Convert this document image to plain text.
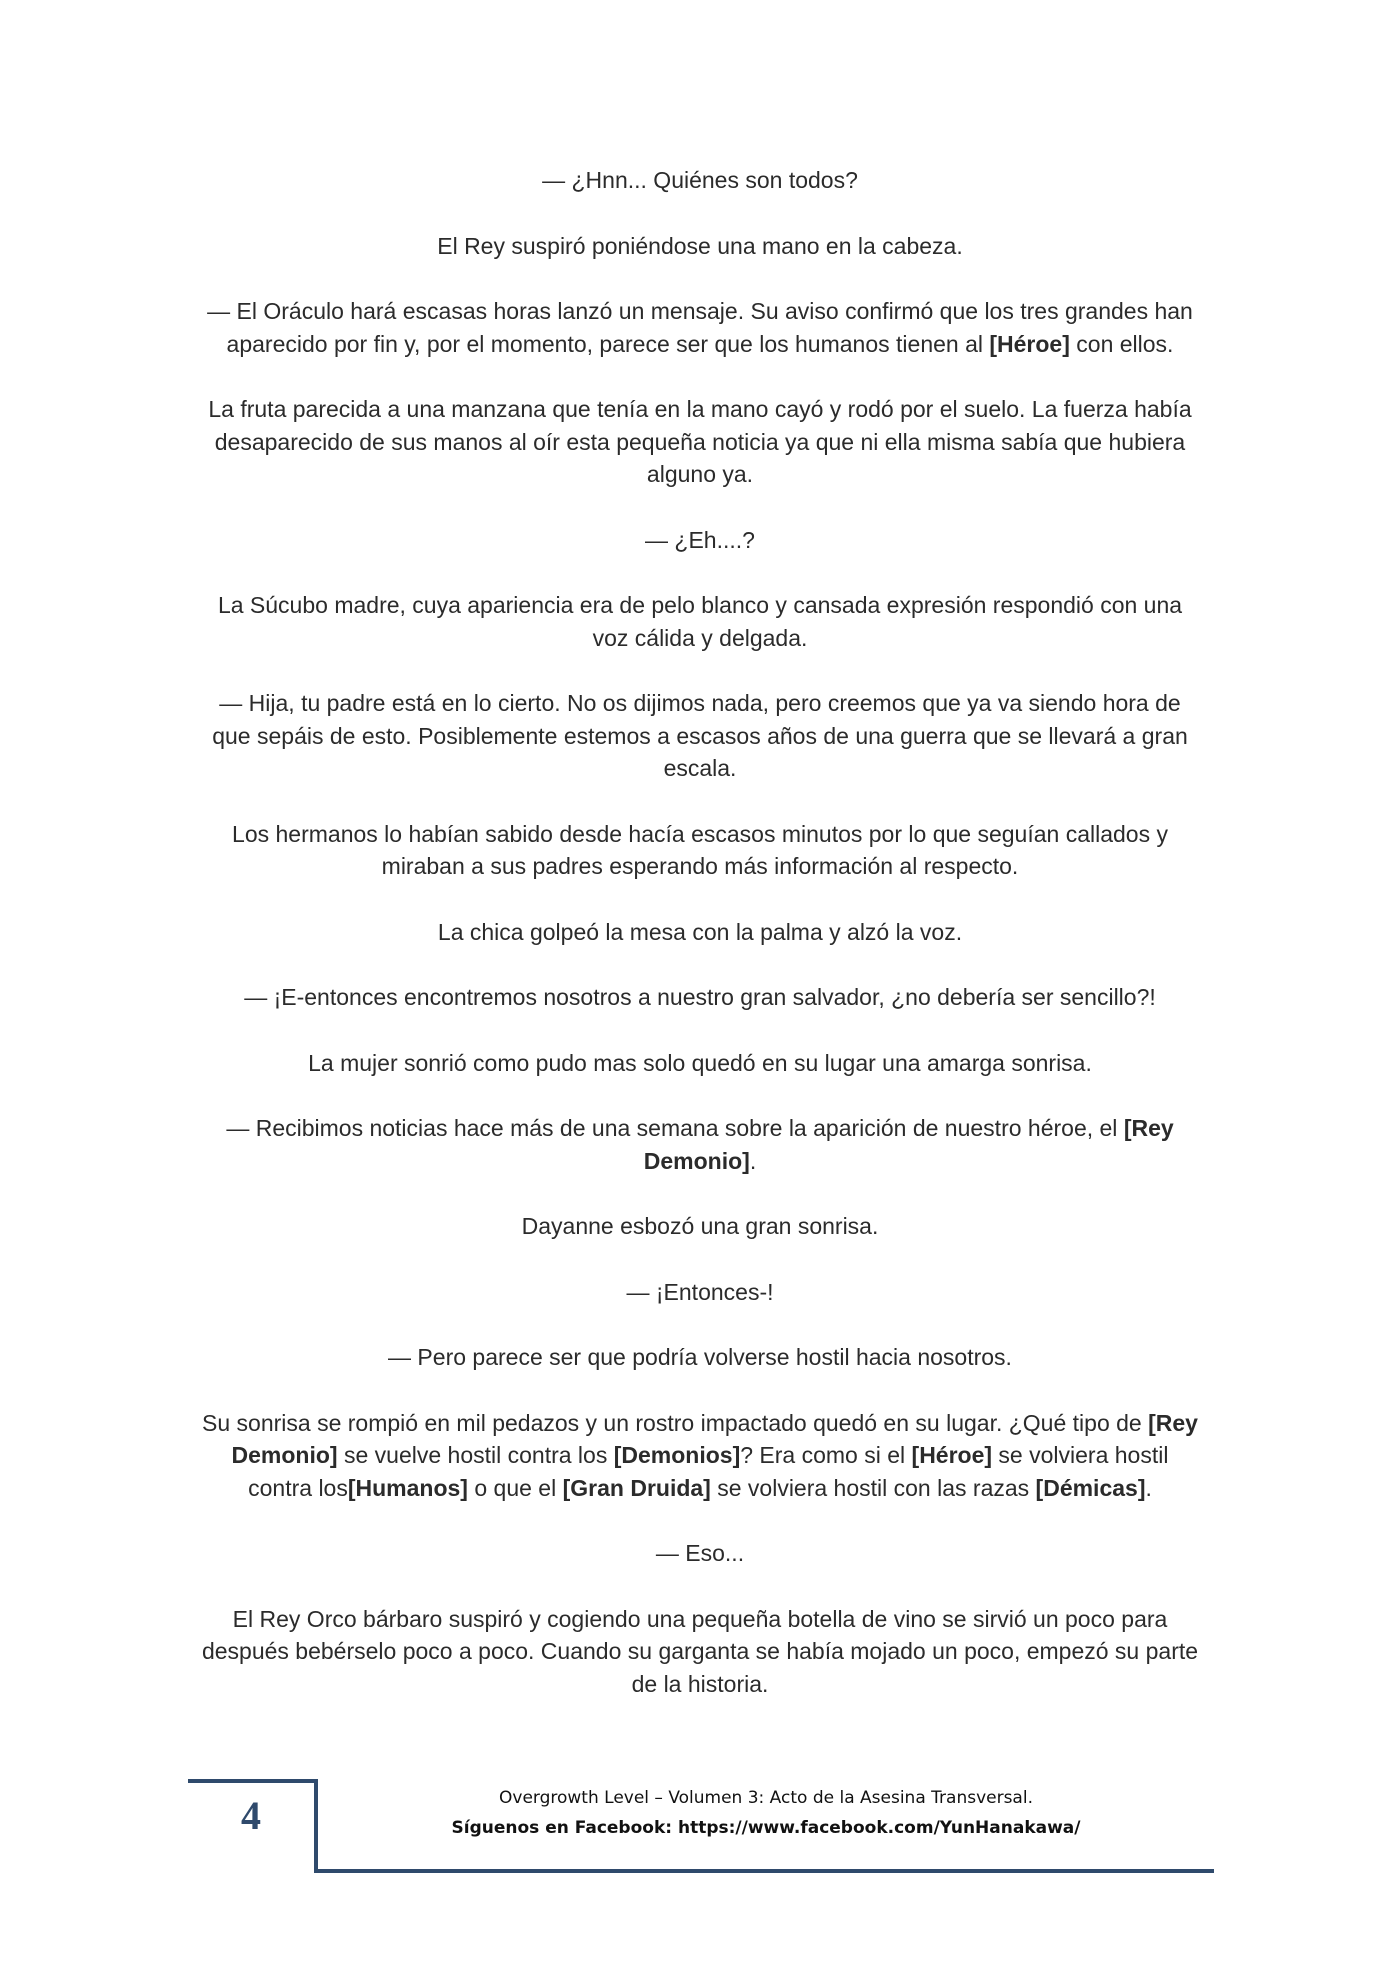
— ¿Hnn... Quiénes son todos?

El Rey suspiró poniéndose una mano en la cabeza.

— El Oráculo hará escasas horas lanzó un mensaje. Su aviso confirmó que los tres grandes han aparecido por fin y, por el momento, parece ser que los humanos tienen al [Héroe] con ellos.

La fruta parecida a una manzana que tenía en la mano cayó y rodó por el suelo. La fuerza había desaparecido de sus manos al oír esta pequeña noticia ya que ni ella misma sabía que hubiera alguno ya.

— ¿Eh....?

La Súcubo madre, cuya apariencia era de pelo blanco y cansada expresión respondió con una voz cálida y delgada.

— Hija, tu padre está en lo cierto. No os dijimos nada, pero creemos que ya va siendo hora de que sepáis de esto. Posiblemente estemos a escasos años de una guerra que se llevará a gran escala.

Los hermanos lo habían sabido desde hacía escasos minutos por lo que seguían callados y miraban a sus padres esperando más información al respecto.

La chica golpeó la mesa con la palma y alzó la voz.

— ¡E-entonces encontremos nosotros a nuestro gran salvador, ¿no debería ser sencillo?!

La mujer sonrió como pudo mas solo quedó en su lugar una amarga sonrisa.

— Recibimos noticias hace más de una semana sobre la aparición de nuestro héroe, el [Rey Demonio].

Dayanne esbozó una gran sonrisa.

— ¡Entonces-!

— Pero parece ser que podría volverse hostil hacia nosotros.

Su sonrisa se rompió en mil pedazos y un rostro impactado quedó en su lugar. ¿Qué tipo de [Rey Demonio] se vuelve hostil contra los [Demonios]? Era como si el [Héroe] se volviera hostil contra los[Humanos] o que el [Gran Druida] se volviera hostil con las razas [Démicas].

— Eso...

El Rey Orco bárbaro suspiró y cogiendo una pequeña botella de vino se sirvió un poco para después bebérselo poco a poco. Cuando su garganta se había mojado un poco, empezó su parte de la historia.

4	Overgrowth Level – Volumen 3: Acto de la Asesina Transversal.
Síguenos en Facebook: https://www.facebook.com/YunHanakawa/
